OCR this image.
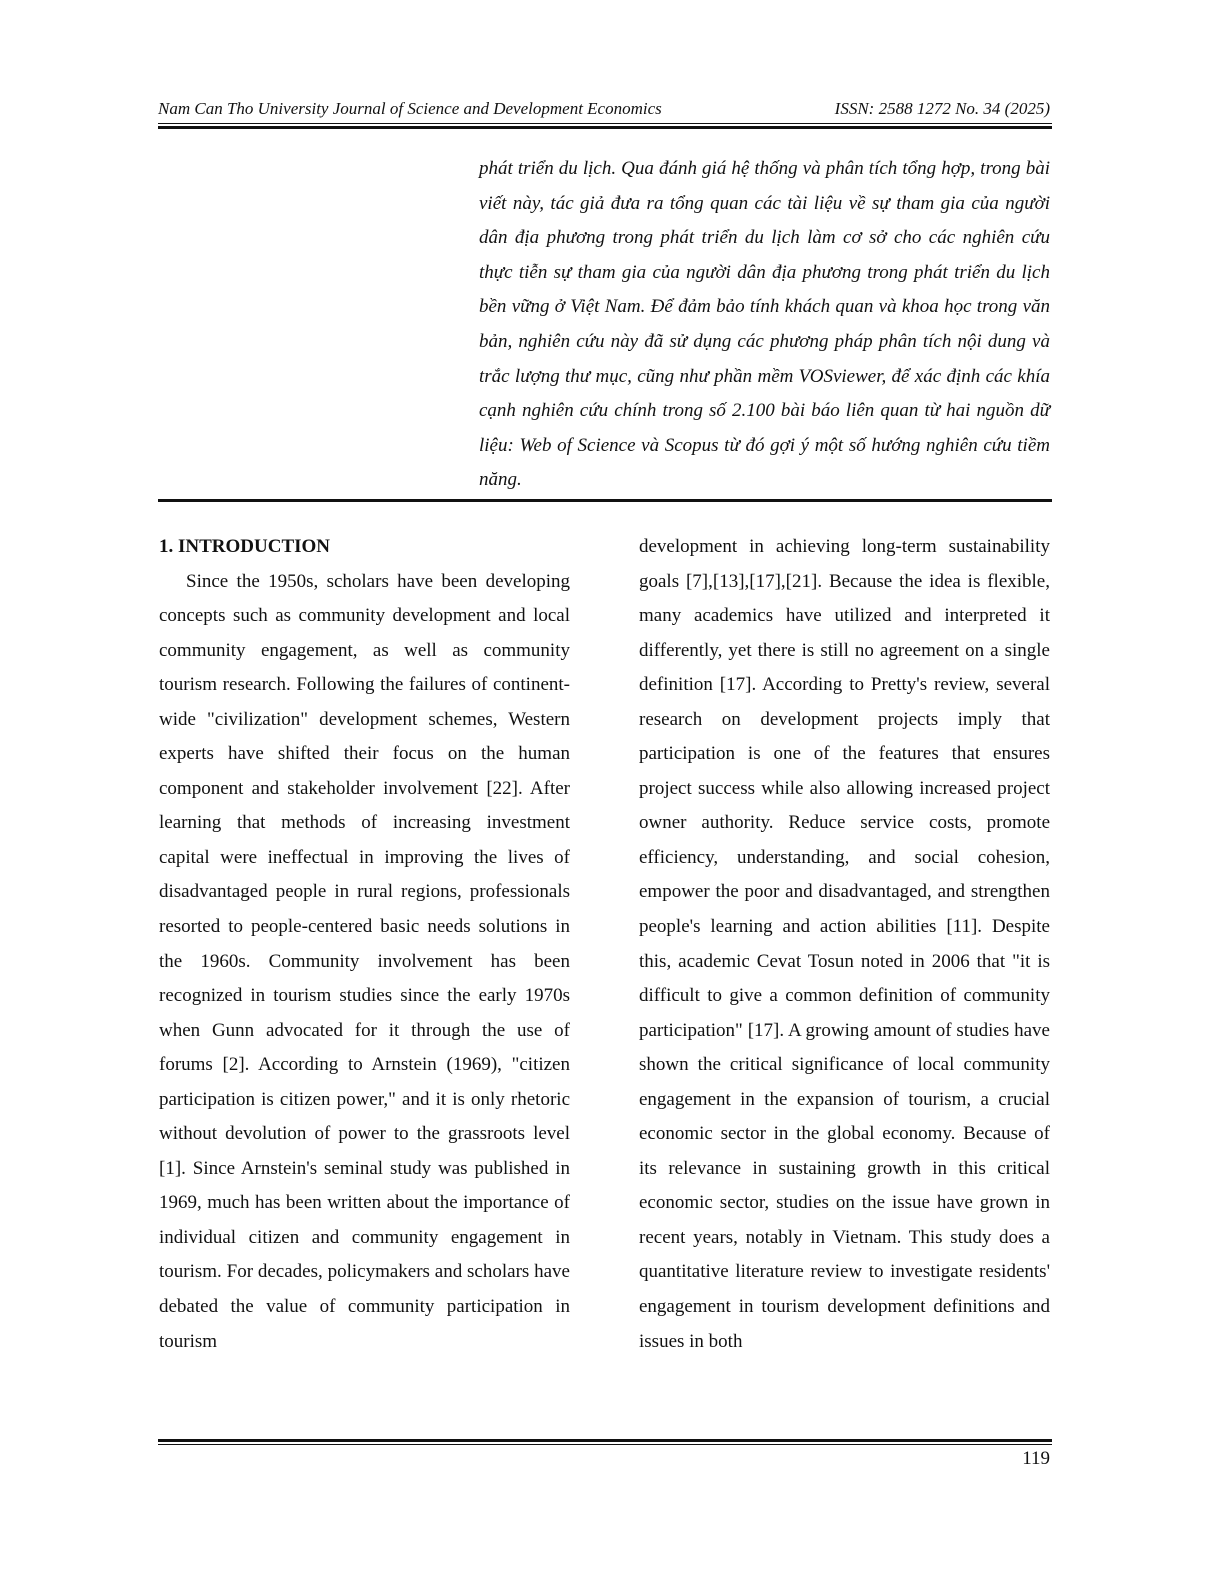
Nam Can Tho University Journal of Science and Development Economics	ISSN: 2588 1272 No. 34 (2025)

phát triển du lịch. Qua đánh giá hệ thống và phân tích tổng hợp, trong bài viết này, tác giả đưa ra tổng quan các tài liệu về sự tham gia của người dân địa phương trong phát triển du lịch làm cơ sở cho các nghiên cứu thực tiễn sự tham gia của người dân địa phương trong phát triển du lịch bền vững ở Việt Nam. Để đảm bảo tính khách quan và khoa học trong văn bản, nghiên cứu này đã sử dụng các phương pháp phân tích nội dung và trắc lượng thư mục, cũng như phần mềm VOSviewer, để xác định các khía cạnh nghiên cứu chính trong số 2.100 bài báo liên quan từ hai nguồn dữ liệu: Web of Science và Scopus từ đó gợi ý một số hướng nghiên cứu tiềm năng.

1. INTRODUCTION

Since the 1950s, scholars have been developing concepts such as community development and local community engagement, as well as community tourism research. Following the failures of continent-wide "civilization" development schemes, Western experts have shifted their focus on the human component and stakeholder involvement [22]. After learning that methods of increasing investment capital were ineffectual in improving the lives of disadvantaged people in rural regions, professionals resorted to people-centered basic needs solutions in the 1960s. Community involvement has been recognized in tourism studies since the early 1970s when Gunn advocated for it through the use of forums [2]. According to Arnstein (1969), "citizen participation is citizen power," and it is only rhetoric without devolution of power to the grassroots level [1]. Since Arnstein's seminal study was published in 1969, much has been written about the importance of individual citizen and community engagement in tourism. For decades, policymakers and scholars have debated the value of community participation in tourism

development in achieving long-term sustainability goals [7],[13],[17],[21]. Because the idea is flexible, many academics have utilized and interpreted it differently, yet there is still no agreement on a single definition [17]. According to Pretty's review, several research on development projects imply that participation is one of the features that ensures project success while also allowing increased project owner authority. Reduce service costs, promote efficiency, understanding, and social cohesion, empower the poor and disadvantaged, and strengthen people's learning and action abilities [11]. Despite this, academic Cevat Tosun noted in 2006 that "it is difficult to give a common definition of community participation" [17]. A growing amount of studies have shown the critical significance of local community engagement in the expansion of tourism, a crucial economic sector in the global economy. Because of its relevance in sustaining growth in this critical economic sector, studies on the issue have grown in recent years, notably in Vietnam. This study does a quantitative literature review to investigate residents' engagement in tourism development definitions and issues in both

119
